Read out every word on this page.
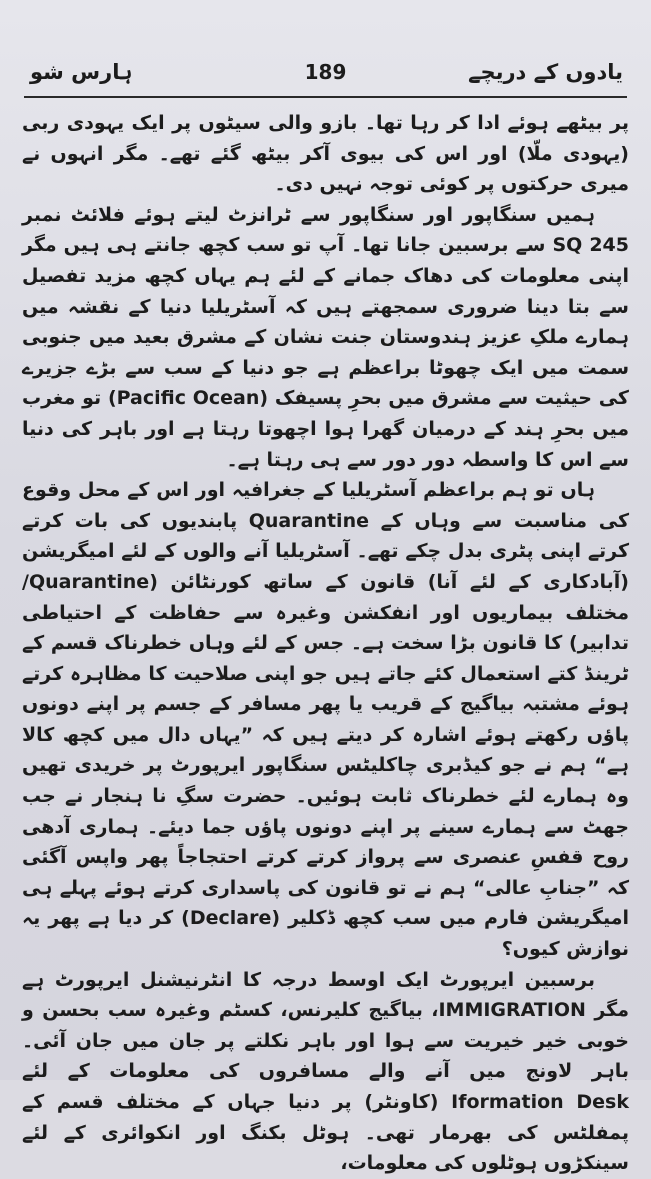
ہارس شو	189	یادوں کے دریچے

پر بیٹھے ہوئے ادا کر رہا تھا۔ بازو والی سیٹوں پر ایک یہودی ربی (یہودی ملّا) اور اس کی بیوی آکر بیٹھ گئے تھے۔ مگر انہوں نے میری حرکتوں پر کوئی توجہ نہیں دی۔

ہمیں سنگاپور اور سنگاپور سے ٹرانزٹ لیتے ہوئے فلائٹ نمبر SQ 245 سے برسبین جانا تھا۔ آپ تو سب کچھ جانتے ہی ہیں مگر اپنی معلومات کی دھاک جمانے کے لئے ہم یہاں کچھ مزید تفصیل سے بتا دینا ضروری سمجھتے ہیں کہ آسٹریلیا دنیا کے نقشہ میں ہمارے ملکِ عزیز ہندوستان جنت نشان کے مشرق بعید میں جنوبی سمت میں ایک چھوٹا براعظم ہے جو دنیا کے سب سے بڑے جزیرے کی حیثیت سے مشرق میں بحرِ پسیفک (Pacific Ocean) تو مغرب میں بحرِ ہند کے درمیان گھرا ہوا اچھوتا رہتا ہے اور باہر کی دنیا سے اس کا واسطہ دور دور سے ہی رہتا ہے۔

ہاں تو ہم براعظم آسٹریلیا کے جغرافیہ اور اس کے محل وقوع کی مناسبت سے وہاں کے Quarantine پابندیوں کی بات کرتے کرتے اپنی پٹری بدل چکے تھے۔ آسٹریلیا آنے والوں کے لئے امیگریشن (آبادکاری کے لئے آنا) قانون کے ساتھ کورنٹائن (Quarantine/ مختلف بیماریوں اور انفکشن وغیرہ سے حفاظت کے احتیاطی تدابیر) کا قانون بڑا سخت ہے۔ جس کے لئے وہاں خطرناک قسم کے ٹرینڈ کتے استعمال کئے جاتے ہیں جو اپنی صلاحیت کا مظاہرہ کرتے ہوئے مشتبہ بیاگیج کے قریب یا پھر مسافر کے جسم پر اپنے دونوں پاؤں رکھتے ہوئے اشارہ کر دیتے ہیں کہ ”یہاں دال میں کچھ کالا ہے“ ہم نے جو کیڈبری چاکلیٹس سنگاپور ایرپورٹ پر خریدی تھیں وہ ہمارے لئے خطرناک ثابت ہوئیں۔ حضرت سگِ نا ہنجار نے جب جھٹ سے ہمارے سینے پر اپنے دونوں پاؤں جما دیئے۔ ہماری آدھی روح قفسِ عنصری سے پرواز کرتے کرتے احتجاجاً پھر واپس آگئی کہ ”جنابِ عالی“ ہم نے تو قانون کی پاسداری کرتے ہوئے پہلے ہی امیگریشن فارم میں سب کچھ ڈکلیر (Declare) کر دیا ہے پھر یہ نوازش کیوں؟

برسبین ایرپورٹ ایک اوسط درجہ کا انٹرنیشنل ایرپورٹ ہے مگر IMMIGRATION، بیاگیج کلیرنس، کسٹم وغیرہ سب بحسن و خوبی خیر خیریت سے ہوا اور باہر نکلتے پر جان میں جان آئی۔ باہر لاونج میں آنے والے مسافروں کی معلومات کے لئے Iformation Desk (کاونٹر) پر دنیا جہاں کے مختلف قسم کے پمفلٹس کی بھرمار تھی۔ ہوٹل بکنگ اور انکوائری کے لئے سینکڑوں ہوٹلوں کی معلومات،
